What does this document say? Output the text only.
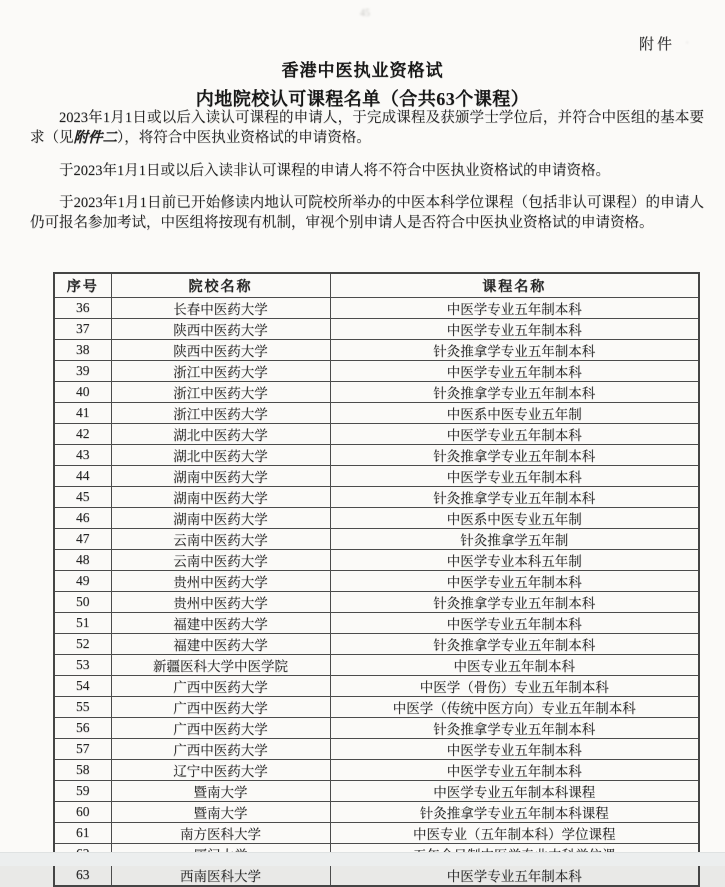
45
·
附件
香港中医执业资格试
内地院校认可课程名单（合共63个课程）

2023年1月1日或以后入读认可课程的申请人，于完成课程及获颁学士学位后，并符合中医组的基本要求（见附件二），将符合中医执业资格试的申请资格。

于2023年1月1日或以后入读非认可课程的申请人将不符合中医执业资格试的申请资格。

于2023年1月1日前已开始修读内地认可院校所举办的中医本科学位课程（包括非认可课程）的申请人仍可报名参加考试，中医组将按现有机制，审视个别申请人是否符合中医执业资格试的申请资格。

序号	院校名称	课程名称
36	长春中医药大学	中医学专业五年制本科
37	陕西中医药大学	中医学专业五年制本科
38	陕西中医药大学	针灸推拿学专业五年制本科
39	浙江中医药大学	中医学专业五年制本科
40	浙江中医药大学	针灸推拿学专业五年制本科
41	浙江中医药大学	中医系中医专业五年制
42	湖北中医药大学	中医学专业五年制本科
43	湖北中医药大学	针灸推拿学专业五年制本科
44	湖南中医药大学	中医学专业五年制本科
45	湖南中医药大学	针灸推拿学专业五年制本科
46	湖南中医药大学	中医系中医专业五年制
47	云南中医药大学	针灸推拿学五年制
48	云南中医药大学	中医学专业本科五年制
49	贵州中医药大学	中医学专业五年制本科
50	贵州中医药大学	针灸推拿学专业五年制本科
51	福建中医药大学	中医学专业五年制本科
52	福建中医药大学	针灸推拿学专业五年制本科
53	新疆医科大学中医学院	中医专业五年制本科
54	广西中医药大学	中医学（骨伤）专业五年制本科
55	广西中医药大学	中医学（传统中医方向）专业五年制本科
56	广西中医药大学	针灸推拿学专业五年制本科
57	广西中医药大学	中医学专业五年制本科
58	辽宁中医药大学	中医学专业五年制本科
59	暨南大学	中医学专业五年制本科课程
60	暨南大学	针灸推拿学专业五年制本科课程
61	南方医科大学	中医专业（五年制本科）学位课程

63	西南医科大学	中医学专业五年制本科
